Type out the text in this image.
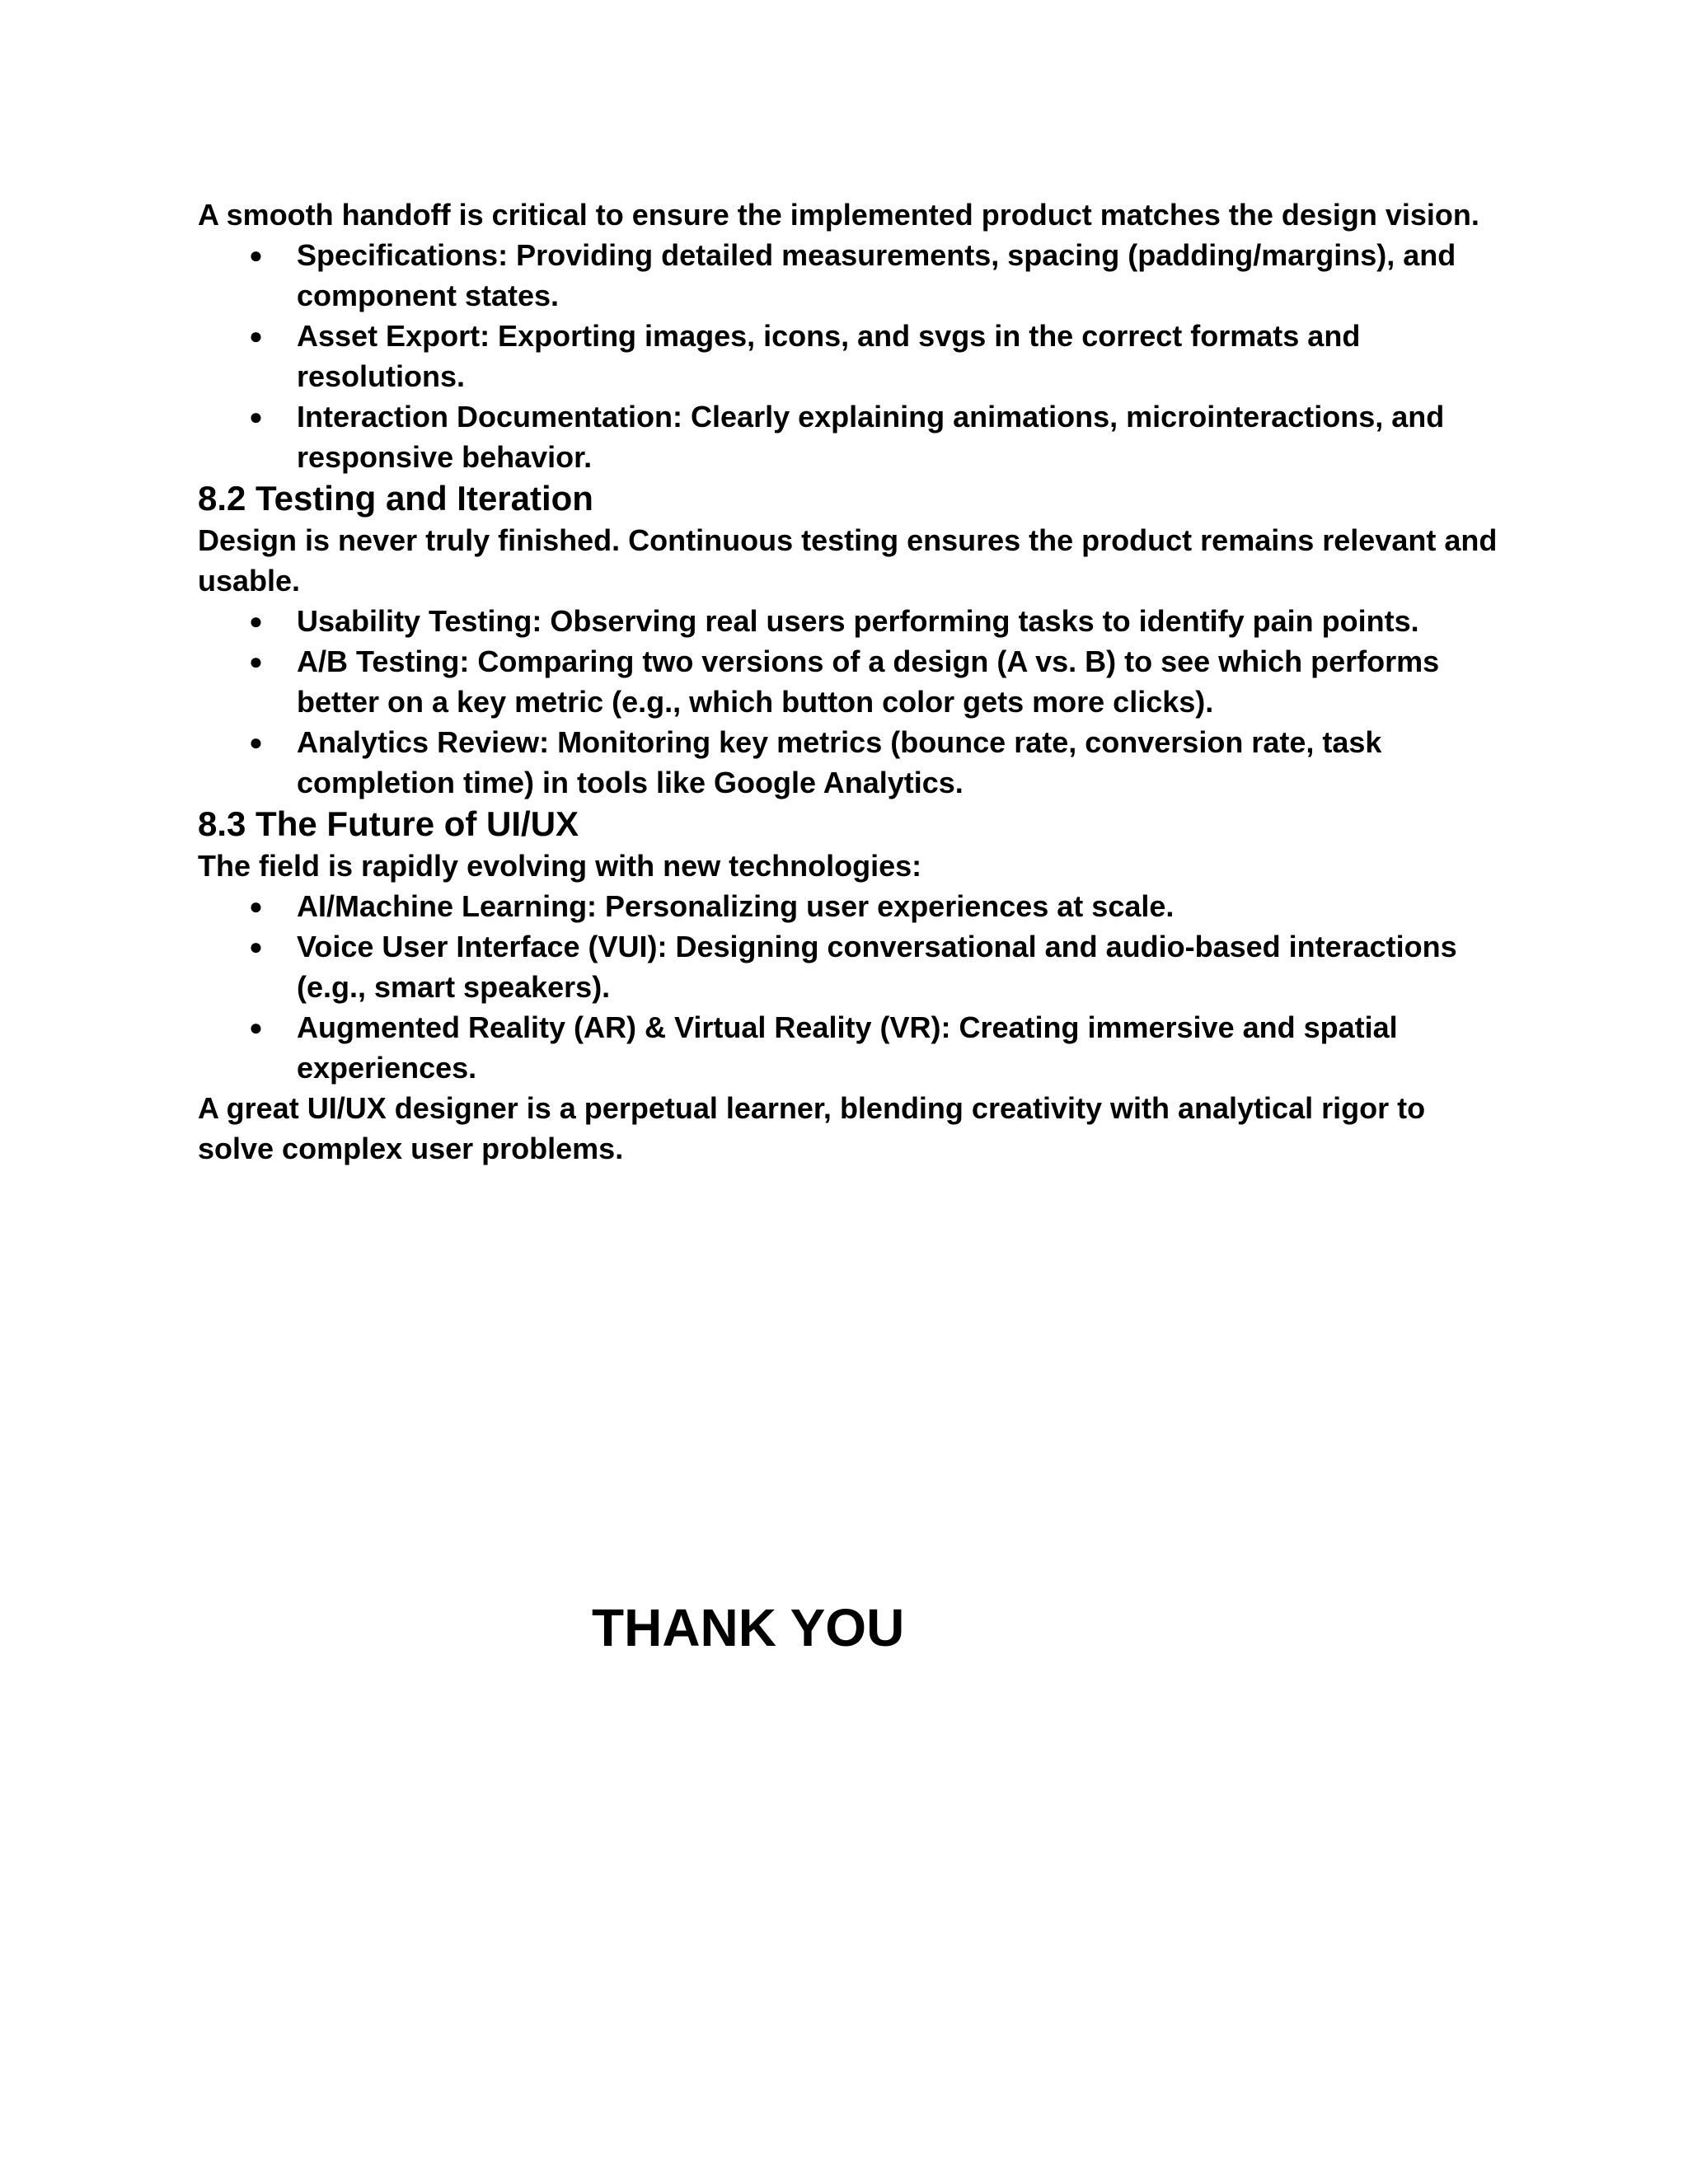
A smooth handoff is critical to ensure the implemented product matches the design vision.

● Specifications: Providing detailed measurements, spacing (padding/margins), and component states.
● Asset Export: Exporting images, icons, and svgs in the correct formats and resolutions.
● Interaction Documentation: Clearly explaining animations, microinteractions, and responsive behavior.
8.2 Testing and Iteration

Design is never truly finished. Continuous testing ensures the product remains relevant and usable.

● Usability Testing: Observing real users performing tasks to identify pain points.
● A/B Testing: Comparing two versions of a design (A vs. B) to see which performs better on a key metric (e.g., which button color gets more clicks).
● Analytics Review: Monitoring key metrics (bounce rate, conversion rate, task completion time) in tools like Google Analytics.
8.3 The Future of UI/UX

The field is rapidly evolving with new technologies:

● AI/Machine Learning: Personalizing user experiences at scale.
● Voice User Interface (VUI): Designing conversational and audio-based interactions (e.g., smart speakers).
● Augmented Reality (AR) & Virtual Reality (VR): Creating immersive and spatial experiences.

A great UI/UX designer is a perpetual learner, blending creativity with analytical rigor to solve complex user problems.

THANK YOU
